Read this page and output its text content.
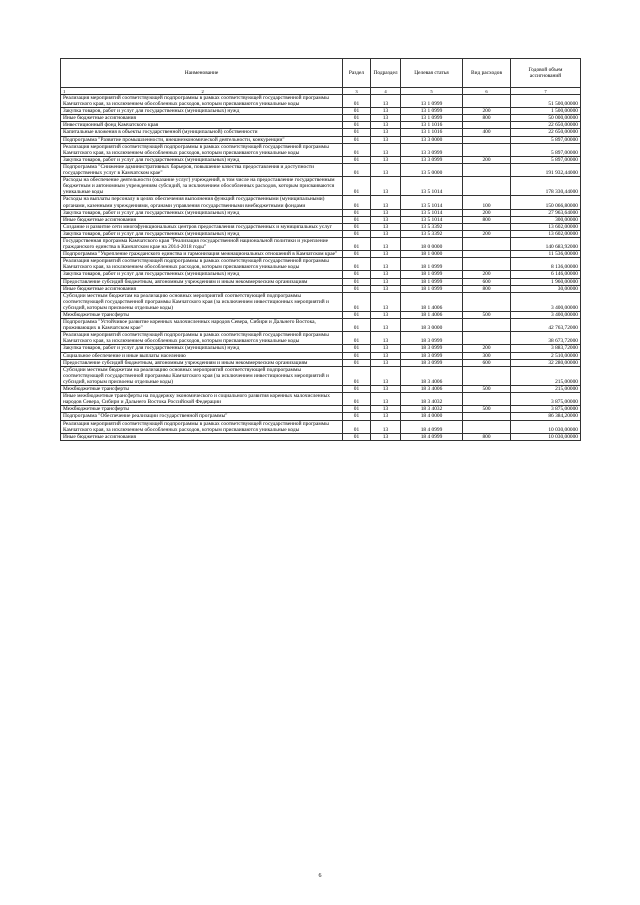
Наименование	Раздел	Подраздел	Целевая статья	Вид расходов	Годовой объем ассигнований

1 2	3	4	5	6	7
Реализация мероприятий соответствующей подпрограммы в рамках соответствующей государственной программы Камчатского края, за исключением обособленных расходов, которым присваиваются уникальные коды	01	13	13 1 0999		51 500,00000
Закупка товаров, работ и услуг для государственных (муниципальных) нужд	01	13	13 1 0999	200	1 500,00000
Иные бюджетные ассигнования	01	13	13 1 0999	800	50 000,00000
Инвестиционный фонд Камчатского края	01	13	13 1 1016		22 650,00000
Капитальные вложения в объекты государственной (муниципальной) собственности	01	13	13 1 1016	400	22 650,00000
Подпрограмма "Развитие промышленности, внешнеэкономической деятельности, конкуренции"	01	13	13 3 0000		5 897,00000
Реализация мероприятий соответствующей подпрограммы в рамках соответствующей государственной программы Камчатского края, за исключением обособленных расходов, которым присваиваются уникальные коды	01	13	13 3 0999		5 897,00000
Закупка товаров, работ и услуг для государственных (муниципальных) нужд	01	13	13 3 0999	200	5 897,00000
Подпрограмма "Снижение административных барьеров, повышение качества предоставления и доступности государственных услуг в Камчатском крае"	01	13	13 5 0000		191 932,44000
Расходы на обеспечение деятельности (оказание услуг) учреждений, в том числе на предоставление государственным бюджетным и автономным учреждениям субсидий, за исключением обособленных расходов, которым присваиваются уникальные коды	01	13	13 5 1014		178 330,44000
Расходы на выплаты персоналу в целях обеспечения выполнения функций государственными (муниципальными) органами, казенными учреждениями, органами управления государственными внебюджетными фондами	01	13	13 5 1014	100	150 066,80000
Закупка товаров, работ и услуг для государственных (муниципальных) нужд	01	13	13 5 1014	200	27 963,64000
Иные бюджетные ассигнования	01	13	13 5 1014	800	300,00000
Создание и развитие сети многофункциональных центров предоставления государственных и муниципальных услуг	01	13	13 5 3392		13 602,00000
Закупка товаров, работ и услуг для государственных (муниципальных) нужд	01	13	13 5 3392	200	13 602,00000
Государственная программа Камчатского края "Реализация государственной национальной политики и укрепление гражданского единства в Камчатском крае на 2014-2018 годы"	01	13	18 0 0000		140 683,92000
Подпрограмма "Укрепление гражданского единства и гармонизация межнациональных отношений в Камчатском крае"	01	13	18 1 0000		11 536,00000
Реализация мероприятий соответствующей подпрограммы в рамках соответствующей государственной программы Камчатского края, за исключением обособленных расходов, которым присваиваются уникальные коды	01	13	18 1 0999		8 136,00000
Закупка товаров, работ и услуг для государственных (муниципальных) нужд	01	13	18 1 0999	200	6 146,00000
Предоставление субсидий бюджетным, автономным учреждениям и иным некоммерческим организациям	01	13	18 1 0999	600	1 960,00000
Иные бюджетные ассигнования	01	13	18 1 0999	800	30,00000
Субсидии местным бюджетам на реализацию основных мероприятий соответствующей подпрограммы соответствующей государственной программы Камчатского края (за исключением инвестиционных мероприятий и субсидий, которым присвоены отдельные коды)	01	13	18 1 4006		3 400,00000
Межбюджетные трансферты	01	13	18 1 4006	500	3 400,00000
Подпрограмма "Устойчивое развитие коренных малочисленных народов Севера, Сибири и Дальнего Востока, проживающих в Камчатском крае"	01	13	18 3 0000		42 763,72000
Реализация мероприятий соответствующей подпрограммы в рамках соответствующей государственной программы Камчатского края, за исключением обособленных расходов, которым присваиваются уникальные коды	01	13	18 3 0999		38 673,72000
Закупка товаров, работ и услуг для государственных (муниципальных) нужд	01	13	18 3 0999	200	3 883,72000
Социальное обеспечение и иные выплаты населению	01	13	18 3 0999	300	2 510,00000
Предоставление субсидий бюджетным, автономным учреждениям и иным некоммерческим организациям	01	13	18 3 0999	600	32 280,00000
Субсидии местным бюджетам на реализацию основных мероприятий соответствующей подпрограммы соответствующей государственной программы Камчатского края (за исключением инвестиционных мероприятий и субсидий, которым присвоены отдельные коды)	01	13	18 3 4006		215,00000
Межбюджетные трансферты	01	13	18 3 4006	500	215,00000
Иные межбюджетные трансферты на поддержку экономического и социального развития коренных малочисленных народов Севера, Сибири и Дальнего Востока Российской Федерации	01	13	18 3 4032		3 875,00000
Межбюджетные трансферты	01	13	18 3 4032	500	3 875,00000
Подпрограмма "Обеспечение реализации государственной программы"	01	13	18 4 0000		86 384,20000
Реализация мероприятий соответствующей подпрограммы в рамках соответствующей государственной программы Камчатского края, за исключением обособленных расходов, которым присваиваются уникальные коды	01	13	18 4 0999		10 030,00000
Иные бюджетные ассигнования	01	13	18 4 0999	800	10 030,00000
6
